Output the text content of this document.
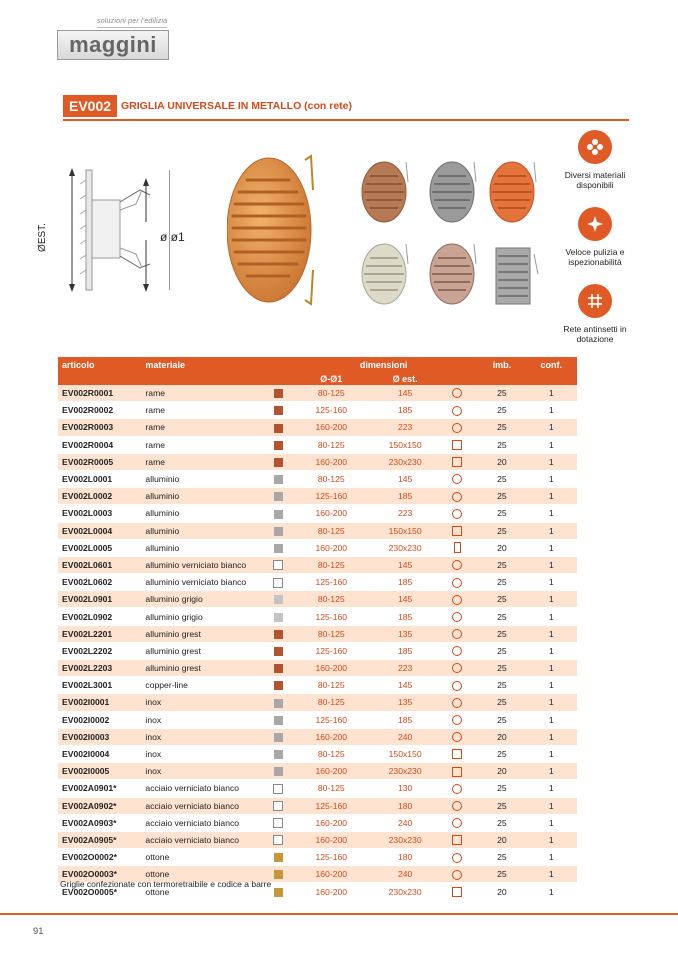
soluzioni per l'edilizia
maggini
EV002 GRIGLIA UNIVERSALE IN METALLO (con rete)
ØEST.	ø ø1
Diversi materiali disponibili
Veloce pulizia e ispezionabilità
Rete antinsetti in dotazione
articolo	materiale		dimensioni			imb.	conf.
			Ø-Ø1	Ø est.			
EV002R0001	rame		80-125	145		25	1
EV002R0002	rame		125-160	185		25	1
EV002R0003	rame		160-200	223		25	1
EV002R0004	rame		80-125	150x150		25	1
EV002R0005	rame		160-200	230x230		20	1
EV002L0001	alluminio		80-125	145		25	1
EV002L0002	alluminio		125-160	185		25	1
EV002L0003	alluminio		160-200	223		25	1
EV002L0004	alluminio		80-125	150x150		25	1
EV002L0005	alluminio		160-200	230x230		20	1
EV002L0601	alluminio verniciato bianco		80-125	145		25	1
EV002L0602	alluminio verniciato bianco		125-160	185		25	1
EV002L0901	alluminio grigio		80-125	145		25	1
EV002L0902	alluminio grigio		125-160	185		25	1
EV002L2201	alluminio grest		80-125	135		25	1
EV002L2202	alluminio grest		125-160	185		25	1
EV002L2203	alluminio grest		160-200	223		25	1
EV002L3001	copper-line		80-125	145		25	1
EV002I0001	inox		80-125	135		25	1
EV002I0002	inox		125-160	185		25	1
EV002I0003	inox		160-200	240		20	1
EV002I0004	inox		80-125	150x150		25	1
EV002I0005	inox		160-200	230x230		20	1
EV002A0901*	acciaio verniciato bianco		80-125	130		25	1
EV002A0902*	acciaio verniciato bianco		125-160	180		25	1
EV002A0903*	acciaio verniciato bianco		160-200	240		25	1
EV002A0905*	acciaio verniciato bianco		160-200	230x230		20	1
EV002O0002*	ottone		125-160	180		25	1
EV002O0003*	ottone		160-200	240		25	1
EV002O0005*	ottone		160-200	230x230		20	1
Griglie confezionate con termoretraibile e codice a barre
91
